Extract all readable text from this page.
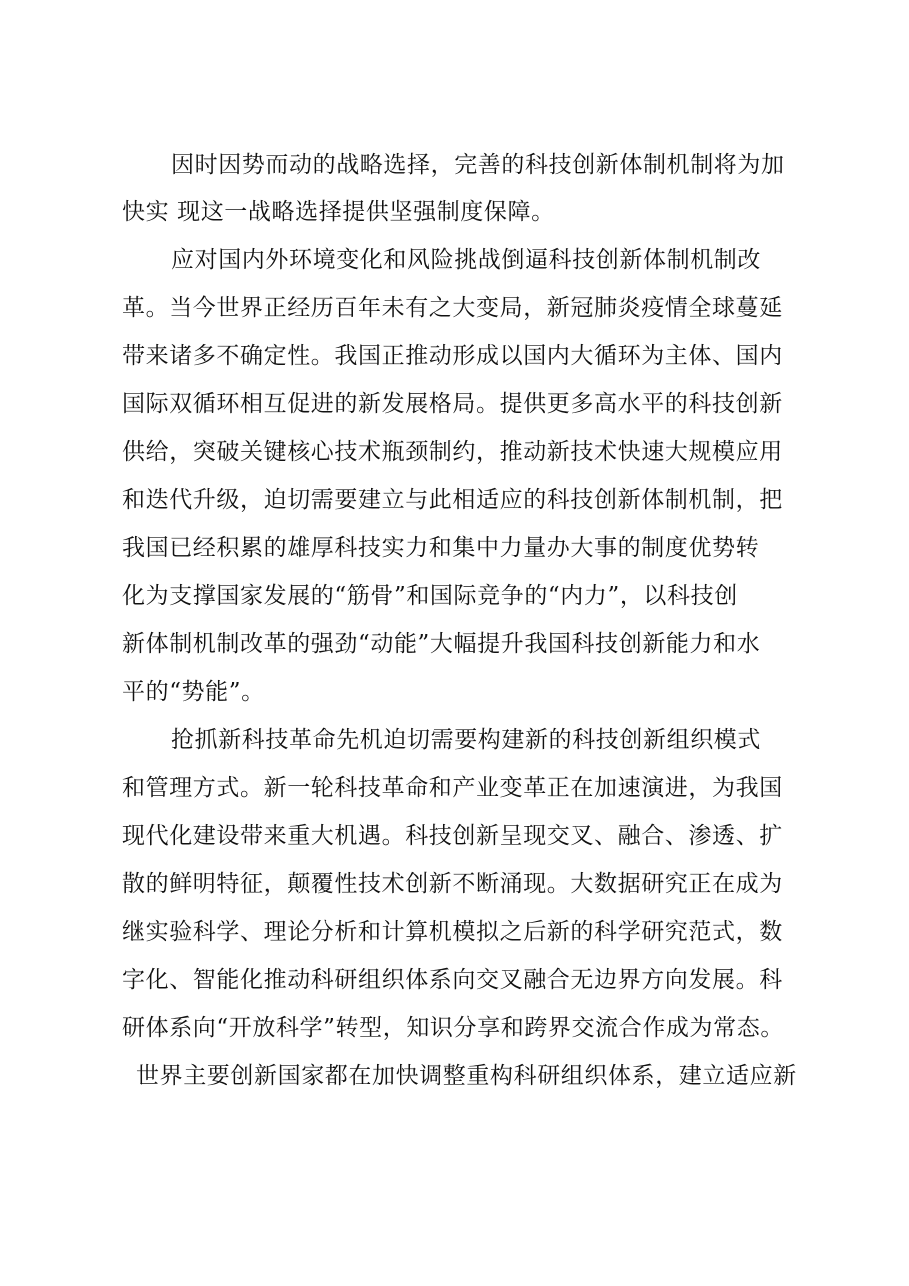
因时因势而动的战略选择，完善的科技创新体制机制将为加
快实 现这一战略选择提供坚强制度保障。
应对国内外环境变化和风险挑战倒逼科技创新体制机制改
革。当今世界正经历百年未有之大变局，新冠肺炎疫情全球蔓延
带来诸多不确定性。我国正推动形成以国内大循环为主体、国内
国际双循环相互促进的新发展格局。提供更多高水平的科技创新
供给，突破关键核心技术瓶颈制约，推动新技术快速大规模应用
和迭代升级，迫切需要建立与此相适应的科技创新体制机制，把
我国已经积累的雄厚科技实力和集中力量办大事的制度优势转
化为支撑国家发展的“筋骨”和国际竞争的“内力”，以科技创
新体制机制改革的强劲“动能”大幅提升我国科技创新能力和水
平的“势能”。
抢抓新科技革命先机迫切需要构建新的科技创新组织模式
和管理方式。新一轮科技革命和产业变革正在加速演进，为我国
现代化建设带来重大机遇。科技创新呈现交叉、融合、渗透、扩
散的鲜明特征，颠覆性技术创新不断涌现。大数据研究正在成为
继实验科学、理论分析和计算机模拟之后新的科学研究范式，数
字化、智能化推动科研组织体系向交叉融合无边界方向发展。科
研体系向“开放科学”转型，知识分享和跨界交流合作成为常态。
世界主要创新国家都在加快调整重构科研组织体系，建立适应新
